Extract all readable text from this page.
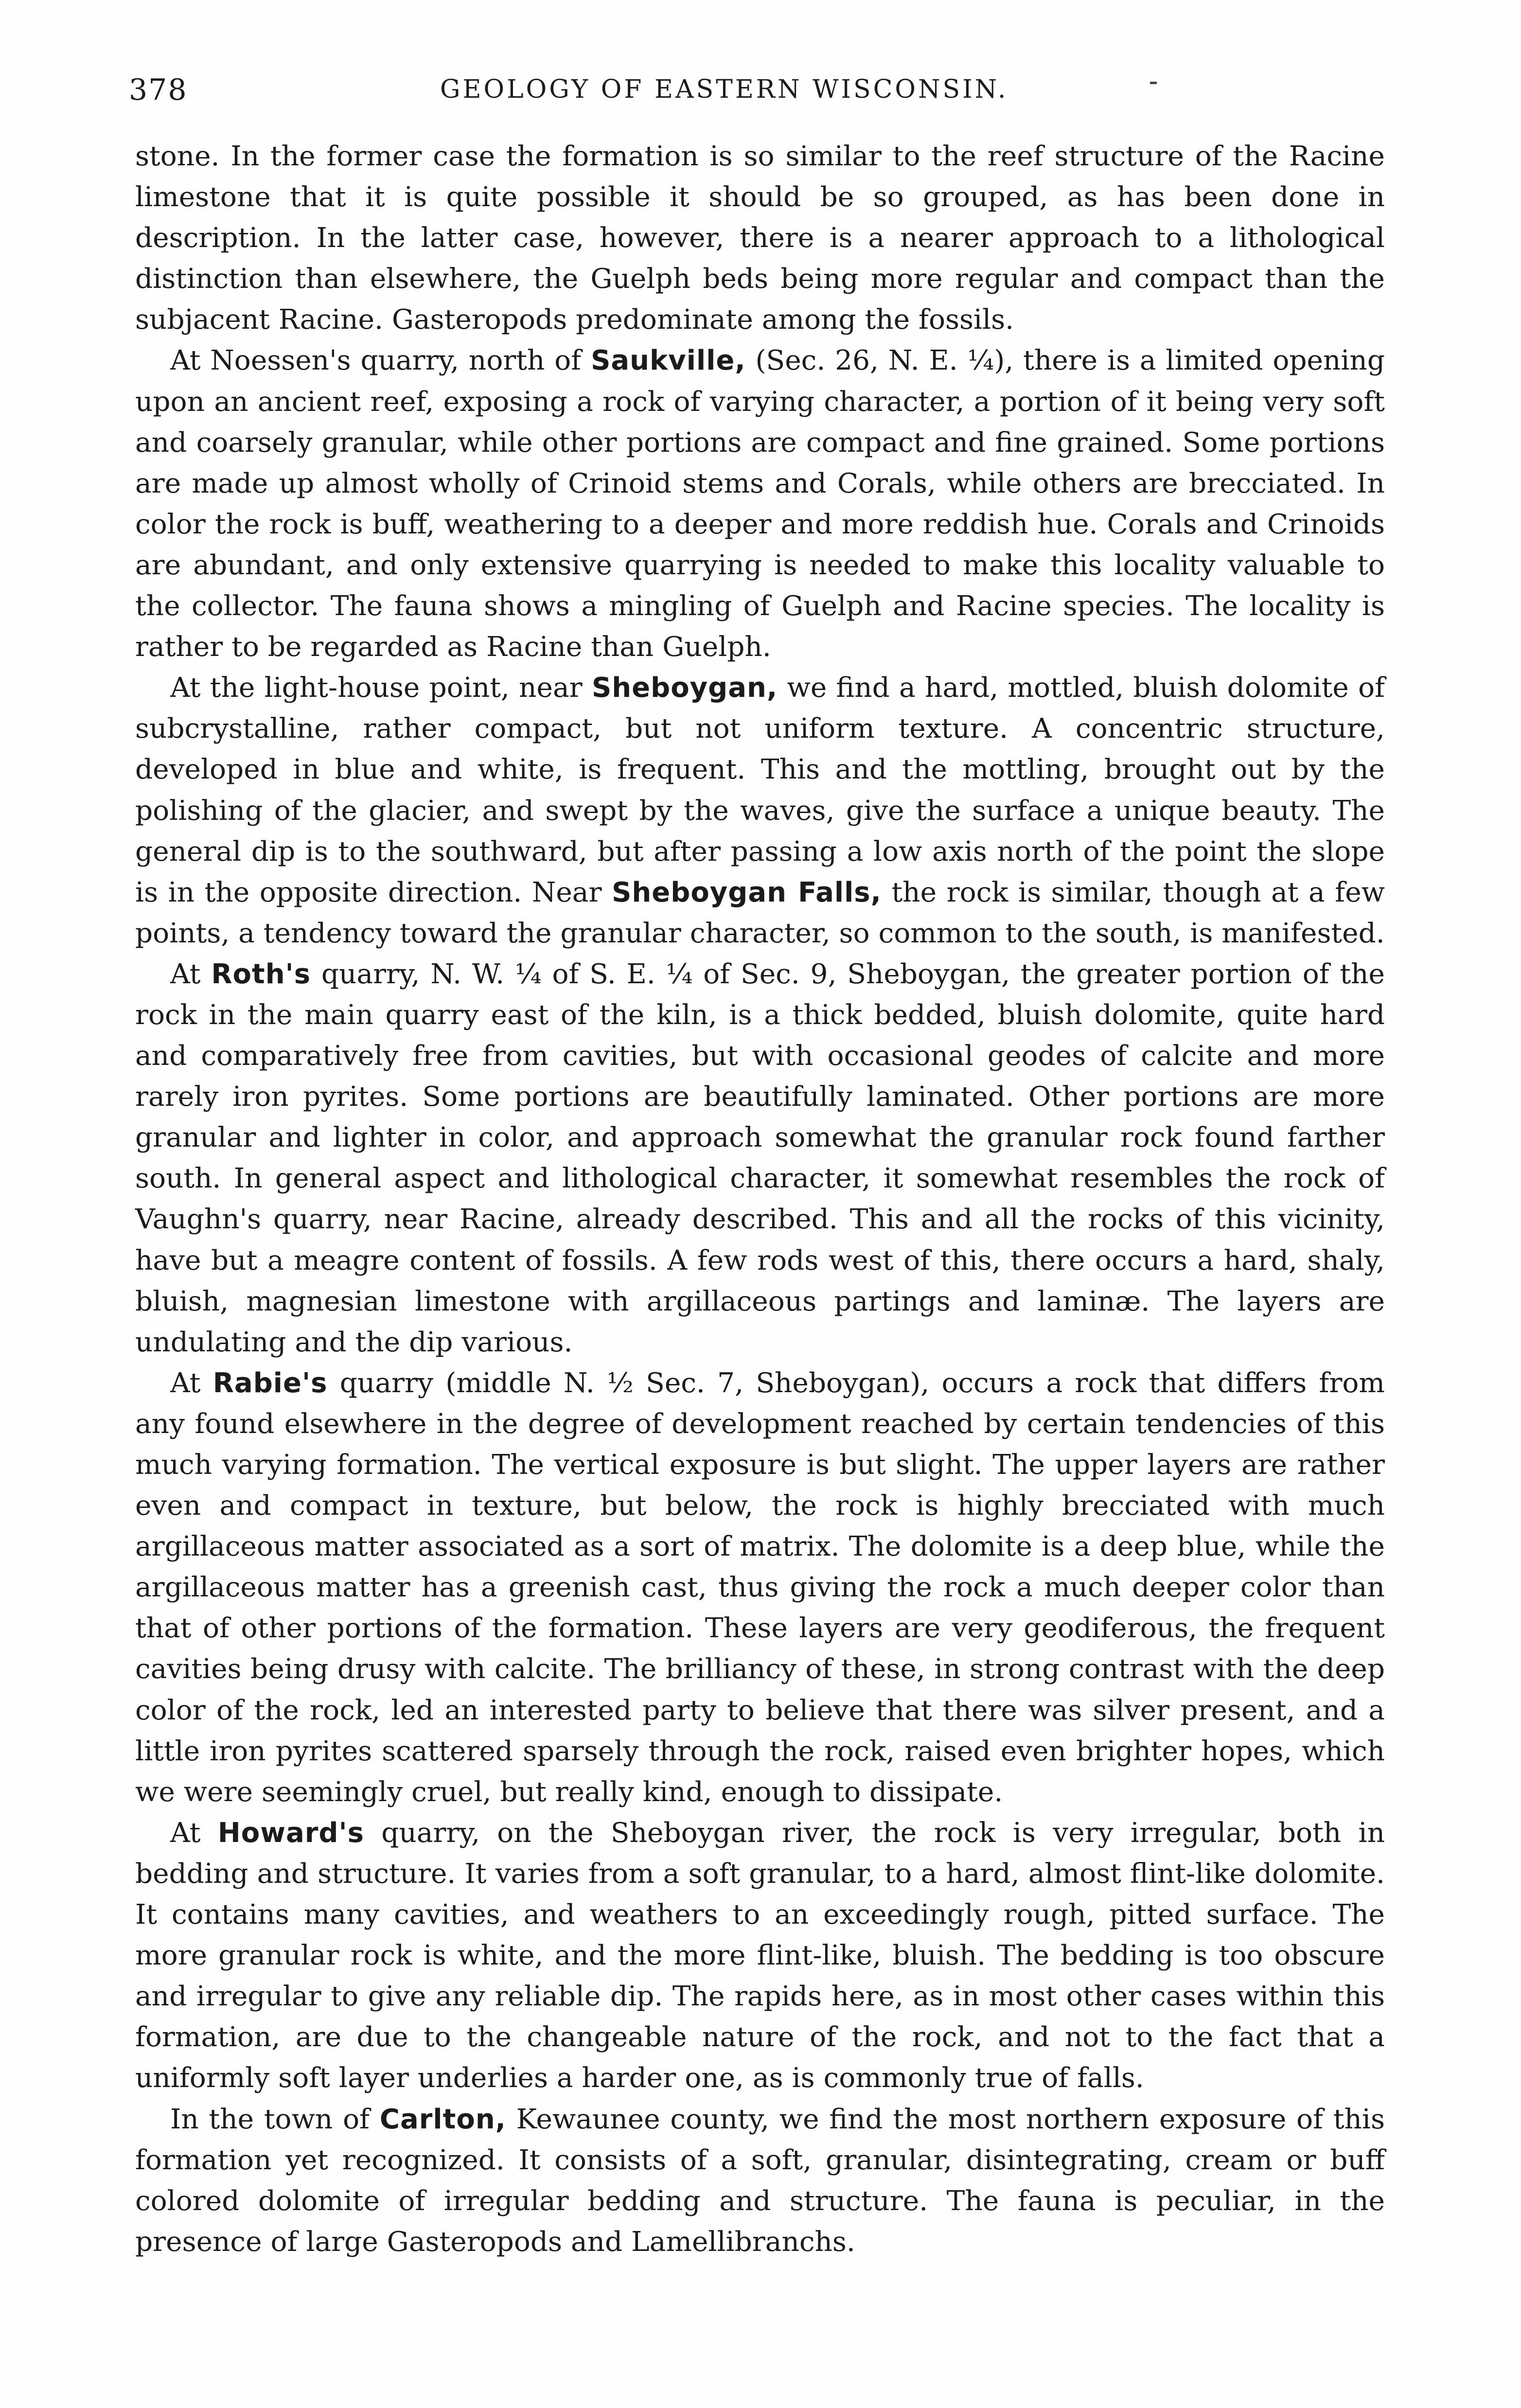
378	GEOLOGY OF EASTERN WISCONSIN.

stone. In the former case the formation is so similar to the reef structure of the Racine limestone that it is quite possible it should be so grouped, as has been done in description. In the latter case, however, there is a nearer approach to a lithological distinction than elsewhere, the Guelph beds being more regular and compact than the subjacent Racine. Gasteropods predominate among the fossils.

At Noessen's quarry, north of Saukville, (Sec. 26, N. E. ¼), there is a limited opening upon an ancient reef, exposing a rock of varying character, a portion of it being very soft and coarsely granular, while other portions are compact and fine grained. Some portions are made up almost wholly of Crinoid stems and Corals, while others are brecciated. In color the rock is buff, weathering to a deeper and more reddish hue. Corals and Crinoids are abundant, and only extensive quarrying is needed to make this locality valuable to the collector. The fauna shows a mingling of Guelph and Racine species. The locality is rather to be regarded as Racine than Guelph.

At the light-house point, near Sheboygan, we find a hard, mottled, bluish dolomite of subcrystalline, rather compact, but not uniform texture. A concentric structure, developed in blue and white, is frequent. This and the mottling, brought out by the polishing of the glacier, and swept by the waves, give the surface a unique beauty. The general dip is to the southward, but after passing a low axis north of the point the slope is in the opposite direction. Near Sheboygan Falls, the rock is similar, though at a few points, a tendency toward the granular character, so common to the south, is manifested.

At Roth's quarry, N. W. ¼ of S. E. ¼ of Sec. 9, Sheboygan, the greater portion of the rock in the main quarry east of the kiln, is a thick bedded, bluish dolomite, quite hard and comparatively free from cavities, but with occasional geodes of calcite and more rarely iron pyrites. Some portions are beautifully laminated. Other portions are more granular and lighter in color, and approach somewhat the granular rock found farther south. In general aspect and lithological character, it somewhat resembles the rock of Vaughn's quarry, near Racine, already described. This and all the rocks of this vicinity, have but a meagre content of fossils. A few rods west of this, there occurs a hard, shaly, bluish, magnesian limestone with argillaceous partings and laminæ. The layers are undulating and the dip various.

At Rabie's quarry (middle N. ½ Sec. 7, Sheboygan), occurs a rock that differs from any found elsewhere in the degree of development reached by certain tendencies of this much varying formation. The vertical exposure is but slight. The upper layers are rather even and compact in texture, but below, the rock is highly brecciated with much argillaceous matter associated as a sort of matrix. The dolomite is a deep blue, while the argillaceous matter has a greenish cast, thus giving the rock a much deeper color than that of other portions of the formation. These layers are very geodiferous, the frequent cavities being drusy with calcite. The brilliancy of these, in strong contrast with the deep color of the rock, led an interested party to believe that there was silver present, and a little iron pyrites scattered sparsely through the rock, raised even brighter hopes, which we were seemingly cruel, but really kind, enough to dissipate.

At Howard's quarry, on the Sheboygan river, the rock is very irregular, both in bedding and structure. It varies from a soft granular, to a hard, almost flint-like dolomite. It contains many cavities, and weathers to an exceedingly rough, pitted surface. The more granular rock is white, and the more flint-like, bluish. The bedding is too obscure and irregular to give any reliable dip. The rapids here, as in most other cases within this formation, are due to the changeable nature of the rock, and not to the fact that a uniformly soft layer underlies a harder one, as is commonly true of falls.

In the town of Carlton, Kewaunee county, we find the most northern exposure of this formation yet recognized. It consists of a soft, granular, disintegrating, cream or buff colored dolomite of irregular bedding and structure. The fauna is peculiar, in the presence of large Gasteropods and Lamellibranchs.
